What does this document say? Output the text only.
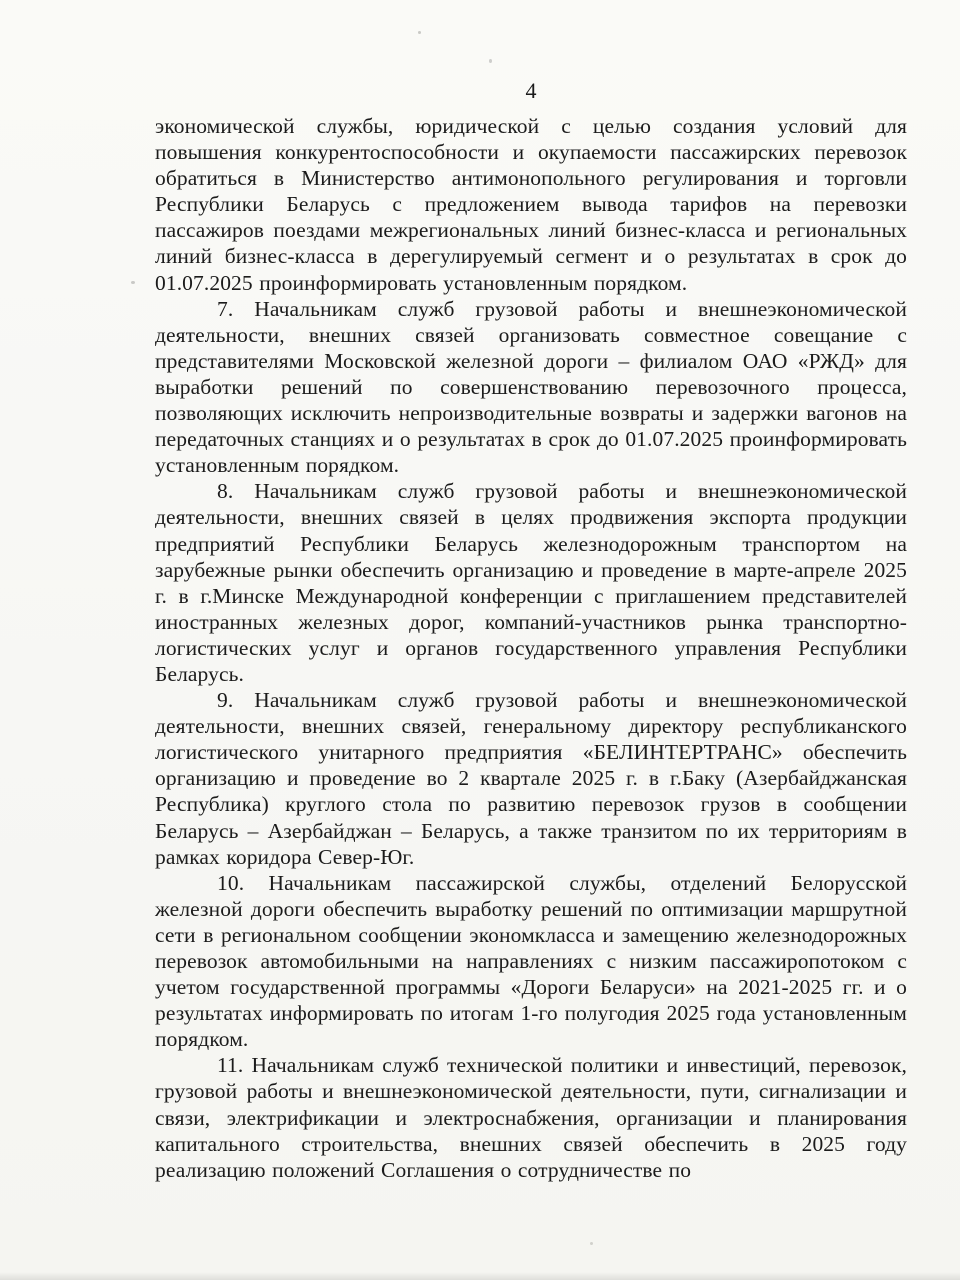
4

экономической службы, юридической с целью создания условий для повышения конкурентоспособности и окупаемости пассажирских перевозок обратиться в Министерство антимонопольного регулирования и торговли Республики Беларусь с предложением вывода тарифов на перевозки пассажиров поездами межрегиональных линий бизнес-класса и региональных линий бизнес-класса в дерегулируемый сегмент и о результатах в срок до 01.07.2025 проинформировать установленным порядком.

7. Начальникам служб грузовой работы и внешнеэкономической деятельности, внешних связей организовать совместное совещание с представителями Московской железной дороги – филиалом ОАО «РЖД» для выработки решений по совершенствованию перевозочного процесса, позволяющих исключить непроизводительные возвраты и задержки вагонов на передаточных станциях и о результатах в срок до 01.07.2025 проинформировать установленным порядком.

8. Начальникам служб грузовой работы и внешнеэкономической деятельности, внешних связей в целях продвижения экспорта продукции предприятий Республики Беларусь железнодорожным транспортом на зарубежные рынки обеспечить организацию и проведение в марте-апреле 2025 г. в г.Минске Международной конференции с приглашением представителей иностранных железных дорог, компаний-участников рынка транспортно-логистических услуг и органов государственного управления Республики Беларусь.

9. Начальникам служб грузовой работы и внешнеэкономической деятельности, внешних связей, генеральному директору республиканского логистического унитарного предприятия «БЕЛИНТЕРТРАНС» обеспечить организацию и проведение во 2 квартале 2025 г. в г.Баку (Азербайджанская Республика) круглого стола по развитию перевозок грузов в сообщении Беларусь – Азербайджан – Беларусь, а также транзитом по их территориям в рамках коридора Север-Юг.

10. Начальникам пассажирской службы, отделений Белорусской железной дороги обеспечить выработку решений по оптимизации маршрутной сети в региональном сообщении экономкласса и замещению железнодорожных перевозок автомобильными на направлениях с низким пассажиропотоком с учетом государственной программы «Дороги Беларуси» на 2021-2025 гг. и о результатах информировать по итогам 1-го полугодия 2025 года установленным порядком.

11. Начальникам служб технической политики и инвестиций, перевозок, грузовой работы и внешнеэкономической деятельности, пути, сигнализации и связи, электрификации и электроснабжения, организации и планирования капитального строительства, внешних связей обеспечить в 2025 году реализацию положений Соглашения о сотрудничестве по
